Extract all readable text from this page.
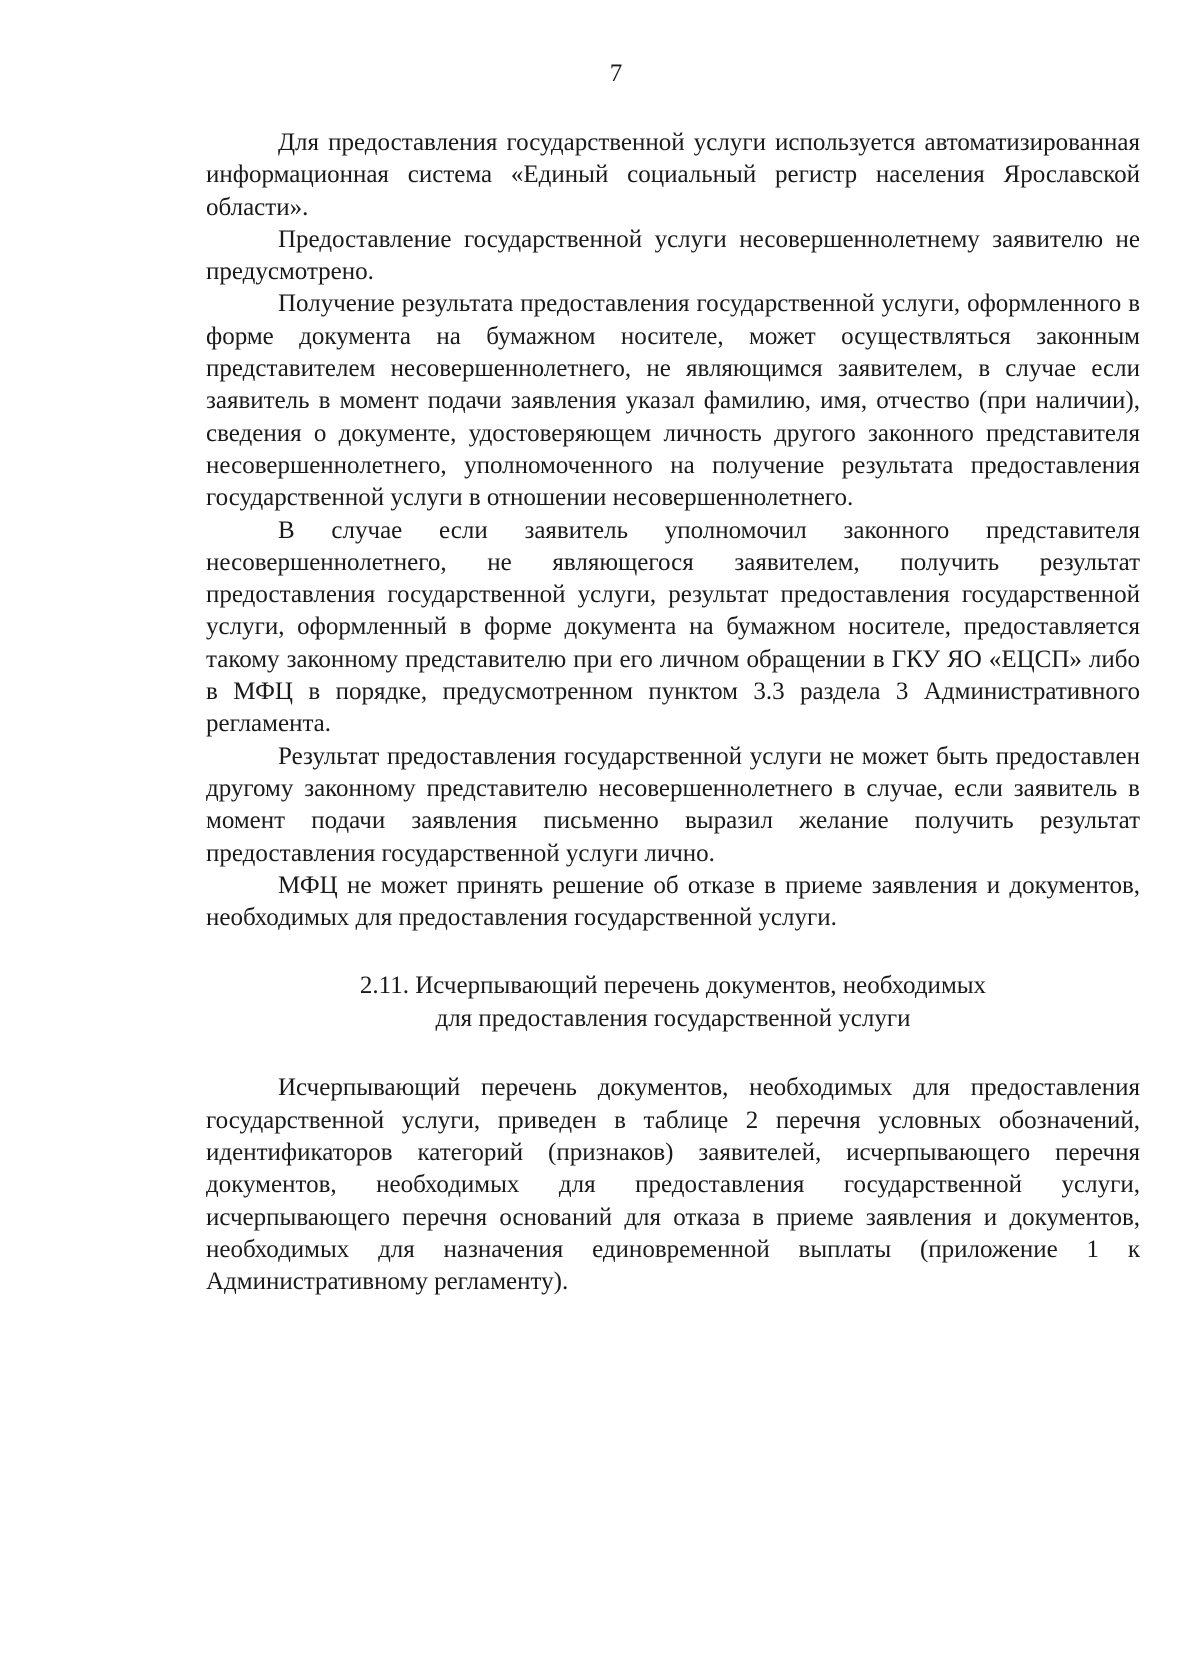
7

Для предоставления государственной услуги используется автоматизированная информационная система «Единый социальный регистр населения Ярославской области».

Предоставление государственной услуги несовершеннолетнему заявителю не предусмотрено.

Получение результата предоставления государственной услуги, оформленного в форме документа на бумажном носителе, может осуществляться законным представителем несовершеннолетнего, не являющимся заявителем, в случае если заявитель в момент подачи заявления указал фамилию, имя, отчество (при наличии), сведения о документе, удостоверяющем личность другого законного представителя несовершеннолетнего, уполномоченного на получение результата предоставления государственной услуги в отношении несовершеннолетнего.

В случае если заявитель уполномочил законного представителя несовершеннолетнего, не являющегося заявителем, получить результат предоставления государственной услуги, результат предоставления государственной услуги, оформленный в форме документа на бумажном носителе, предоставляется такому законному представителю при его личном обращении в ГКУ ЯО «ЕЦСП» либо в МФЦ в порядке, предусмотренном пунктом 3.3 раздела 3 Административного регламента.

Результат предоставления государственной услуги не может быть предоставлен другому законному представителю несовершеннолетнего в случае, если заявитель в момент подачи заявления письменно выразил желание получить результат предоставления государственной услуги лично.

МФЦ не может принять решение об отказе в приеме заявления и документов, необходимых для предоставления государственной услуги.

2.11. Исчерпывающий перечень документов, необходимых
для предоставления государственной услуги

Исчерпывающий перечень документов, необходимых для предоставления государственной услуги, приведен в таблице 2 перечня условных обозначений, идентификаторов категорий (признаков) заявителей, исчерпывающего перечня документов, необходимых для предоставления государственной услуги, исчерпывающего перечня оснований для отказа в приеме заявления и документов, необходимых для назначения единовременной выплаты (приложение 1 к Административному регламенту).
